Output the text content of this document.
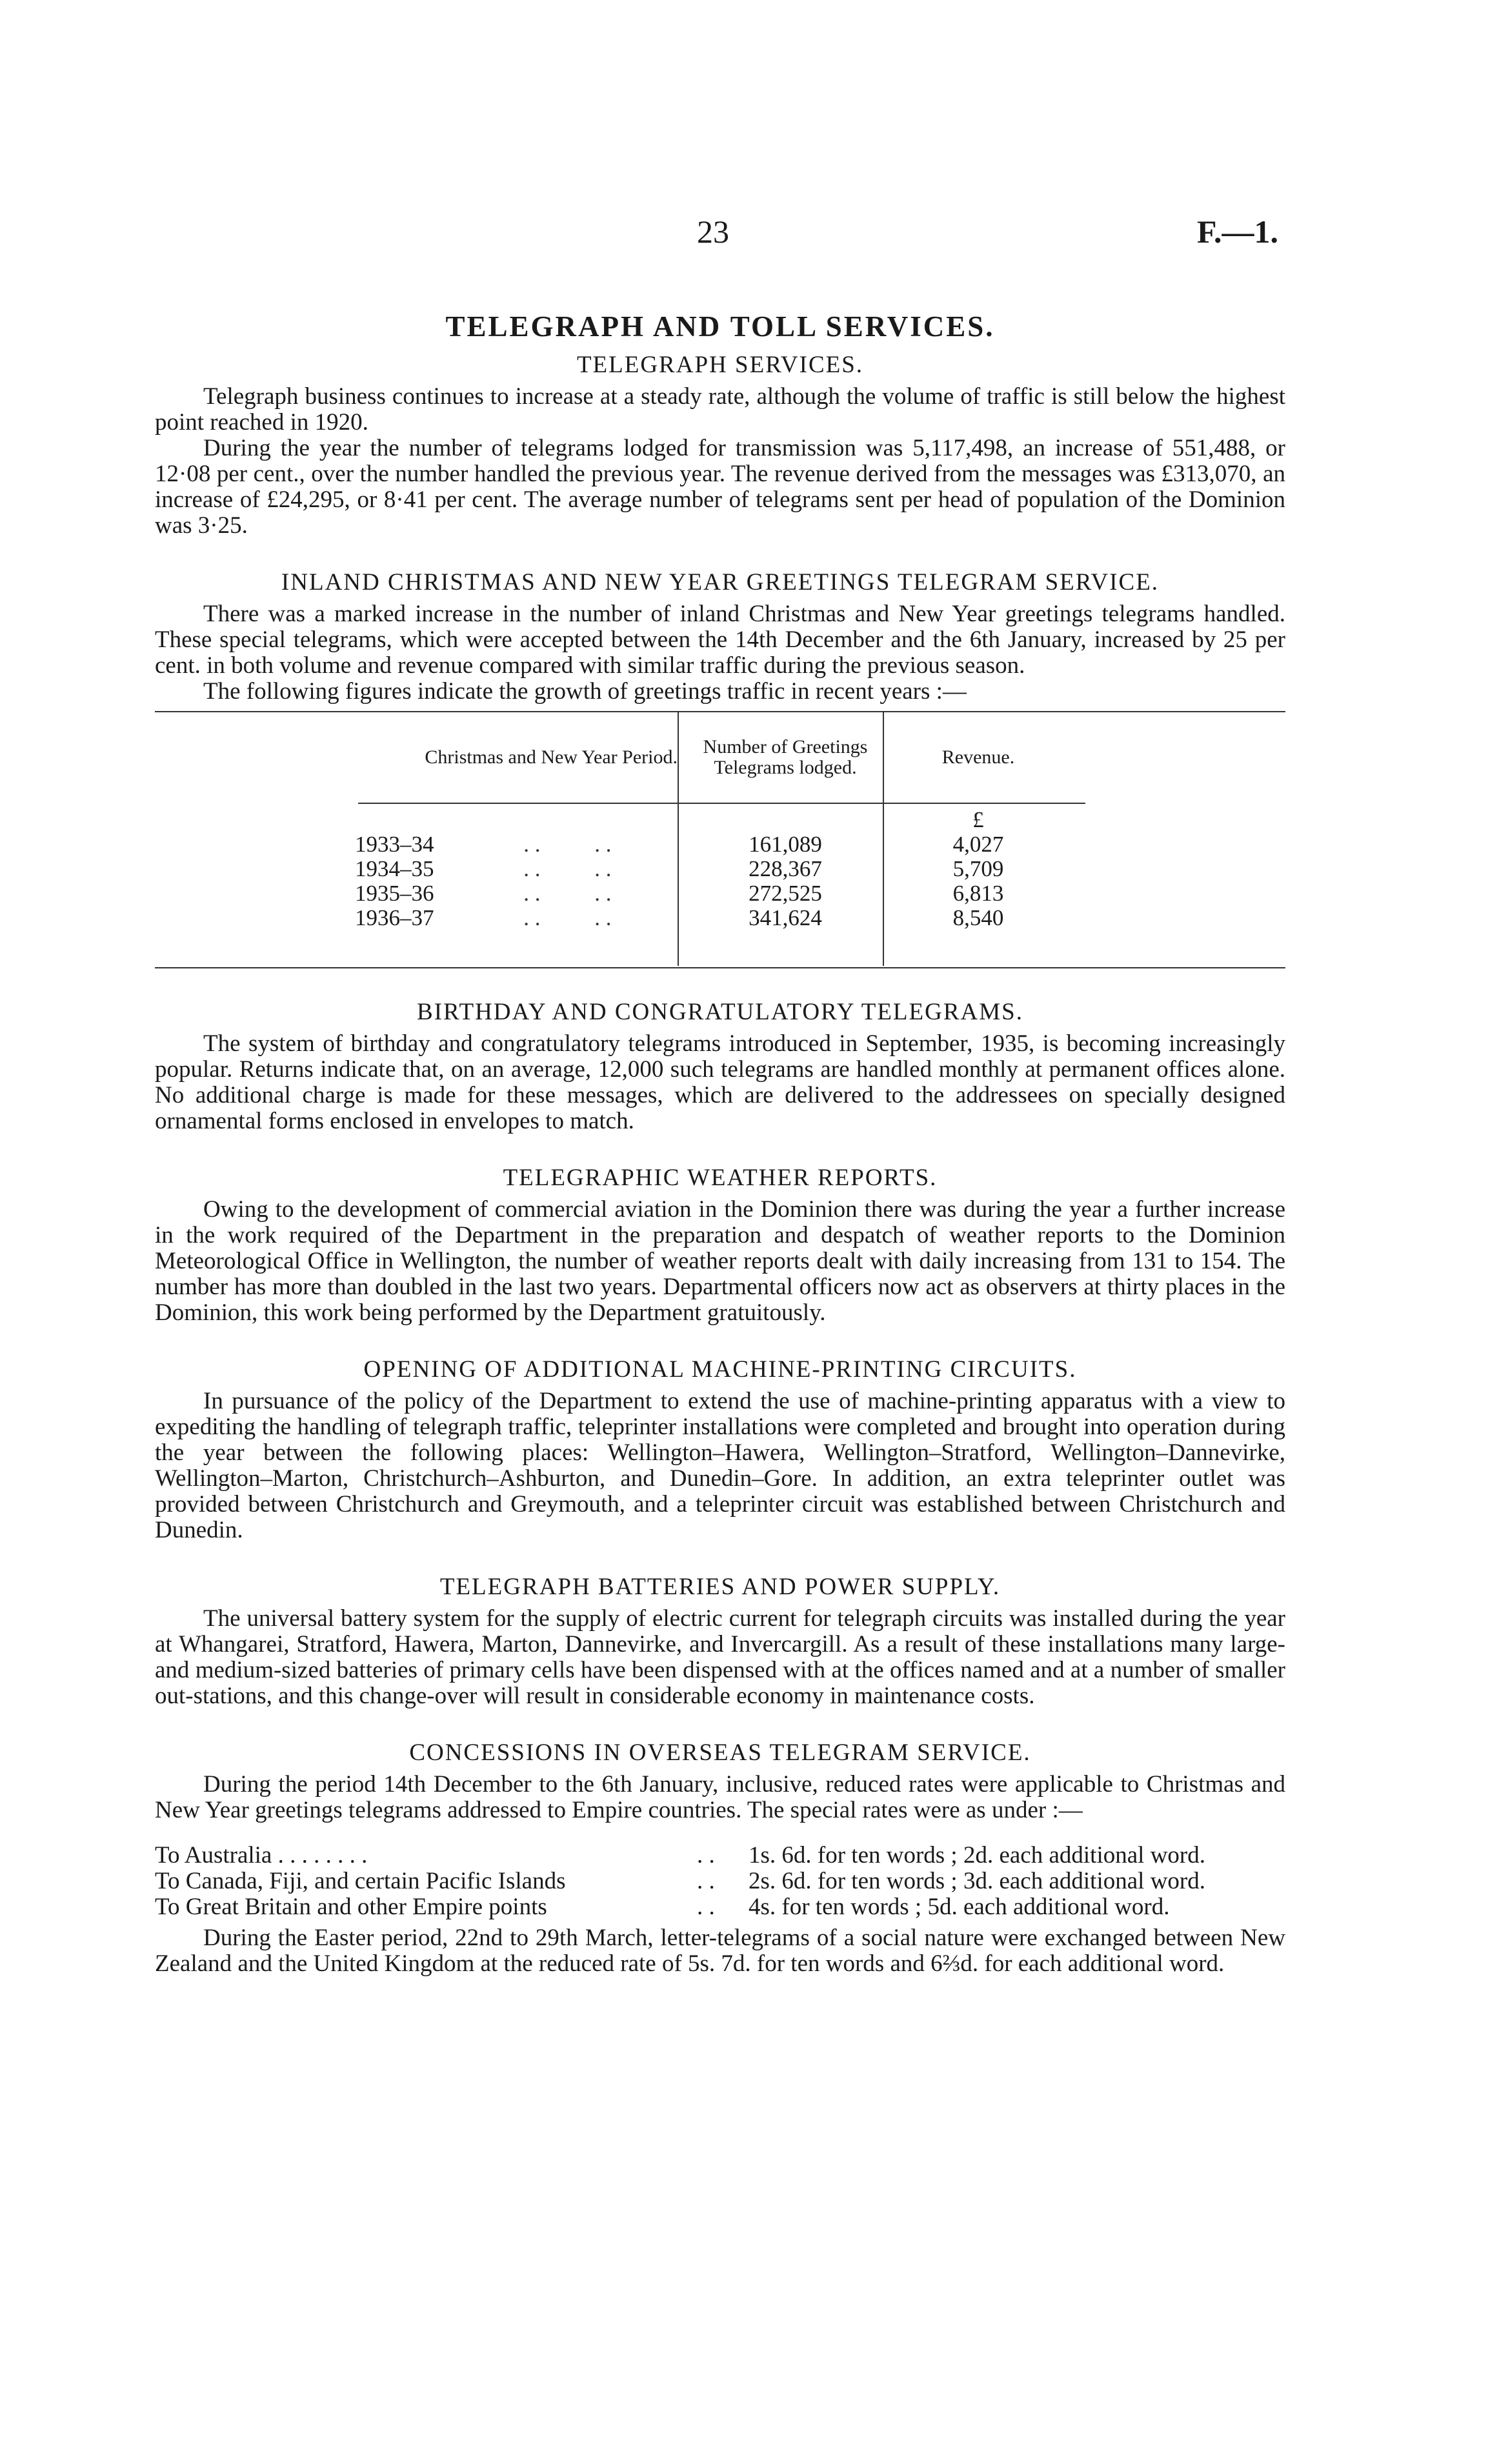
23	F.—1.
TELEGRAPH AND TOLL SERVICES.
TELEGRAPH SERVICES.

Telegraph business continues to increase at a steady rate, although the volume of traffic is still below the highest point reached in 1920.

During the year the number of telegrams lodged for transmission was 5,117,498, an increase of 551,488, or 12·08 per cent., over the number handled the previous year. The revenue derived from the messages was £313,070, an increase of £24,295, or 8·41 per cent. The average number of telegrams sent per head of population of the Dominion was 3·25.

INLAND CHRISTMAS AND NEW YEAR GREETINGS TELEGRAM SERVICE.

There was a marked increase in the number of inland Christmas and New Year greetings telegrams handled. These special telegrams, which were accepted between the 14th December and the 6th January, increased by 25 per cent. in both volume and revenue compared with similar traffic during the previous season.

The following figures indicate the growth of greetings traffic in recent years :—

Christmas and New Year Period.	Number of Greetings Telegrams lodged.	Revenue.	
		£	
1933–34 . . . .	161,089	4,027	
1934–35 . . . .	228,367	5,709	
1935–36 . . . .	272,525	6,813	
1936–37 . . . .	341,624	8,540	
BIRTHDAY AND CONGRATULATORY TELEGRAMS.

The system of birthday and congratulatory telegrams introduced in September, 1935, is becoming increasingly popular. Returns indicate that, on an average, 12,000 such telegrams are handled monthly at permanent offices alone. No additional charge is made for these messages, which are delivered to the addressees on specially designed ornamental forms enclosed in envelopes to match.

TELEGRAPHIC WEATHER REPORTS.

Owing to the development of commercial aviation in the Dominion there was during the year a further increase in the work required of the Department in the preparation and despatch of weather reports to the Dominion Meteorological Office in Wellington, the number of weather reports dealt with daily increasing from 131 to 154. The number has more than doubled in the last two years. Departmental officers now act as observers at thirty places in the Dominion, this work being performed by the Department gratuitously.

OPENING OF ADDITIONAL MACHINE-PRINTING CIRCUITS.

In pursuance of the policy of the Department to extend the use of machine-printing apparatus with a view to expediting the handling of telegraph traffic, teleprinter installations were completed and brought into operation during the year between the following places: Wellington–Hawera, Wellington–Stratford, Wellington–Dannevirke, Wellington–Marton, Christchurch–Ashburton, and Dunedin–Gore. In addition, an extra teleprinter outlet was provided between Christchurch and Greymouth, and a teleprinter circuit was established between Christchurch and Dunedin.

TELEGRAPH BATTERIES AND POWER SUPPLY.

The universal battery system for the supply of electric current for telegraph circuits was installed during the year at Whangarei, Stratford, Hawera, Marton, Dannevirke, and Invercargill. As a result of these installations many large- and medium-sized batteries of primary cells have been dispensed with at the offices named and at a number of smaller out-stations, and this change-over will result in considerable economy in maintenance costs.

CONCESSIONS IN OVERSEAS TELEGRAM SERVICE.

During the period 14th December to the 6th January, inclusive, reduced rates were applicable to Christmas and New Year greetings telegrams addressed to Empire countries. The special rates were as under :—

To Australia . . . . . . . .	. .	1s. 6d. for ten words ; 2d. each additional word.
To Canada, Fiji, and certain Pacific Islands	. .	2s. 6d. for ten words ; 3d. each additional word.
To Great Britain and other Empire points	. .	4s. for ten words ; 5d. each additional word.

During the Easter period, 22nd to 29th March, letter-telegrams of a social nature were exchanged between New Zealand and the United Kingdom at the reduced rate of 5s. 7d. for ten words and 6⅔d. for each additional word.
